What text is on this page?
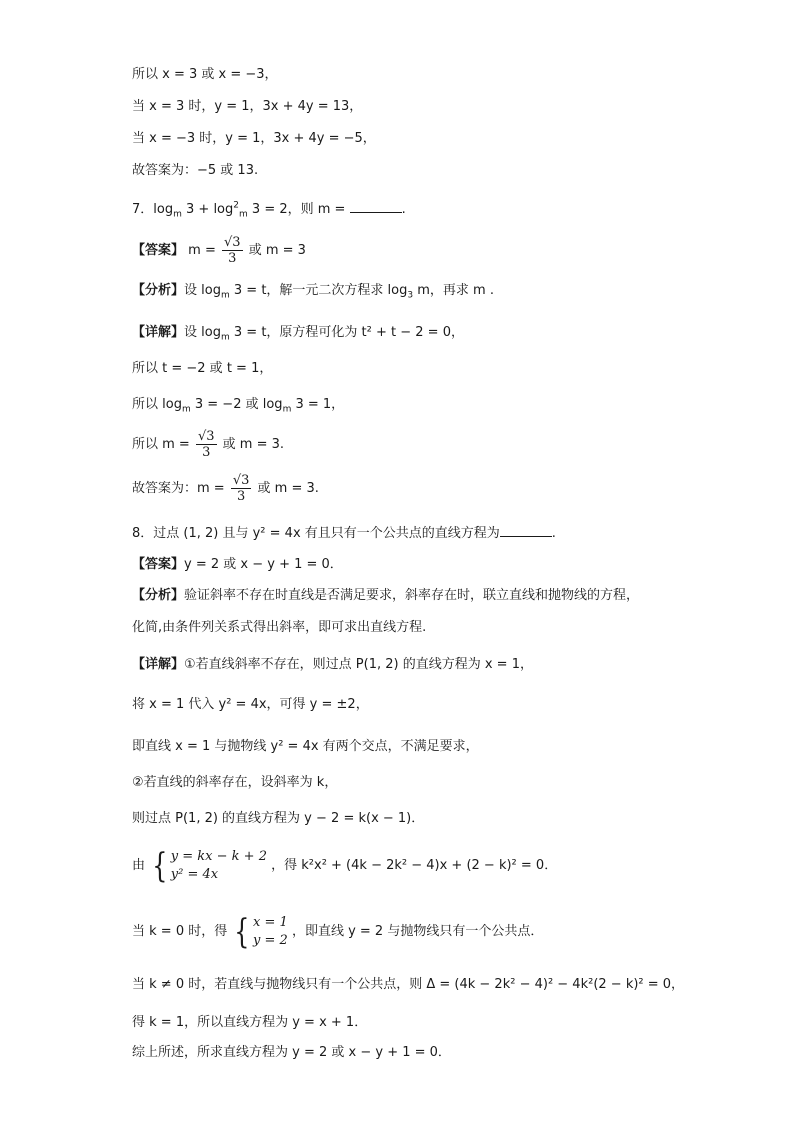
所以 x = 3 或 x = −3，
当 x = 3 时，y = 1，3x + 4y = 13，
当 x = −3 时，y = 1，3x + 4y = −5，
故答案为：−5 或 13.
7．$\log_m 3 + \log^2_m 3 = 2$，则 m =	.
【答案】 $m = \frac{√3}{3}$ 或 m = 3
【分析】设 $\log_m 3 = t$，解一元二次方程求 $\log_3 m$，再求 m .
【详解】设 $\log_m 3 = t$，原方程可化为 t² + t − 2 = 0，
所以 t = −2 或 t = 1，
所以 $\log_m 3 = -2$ 或 $\log_m 3 = 1$，
所以 $m = \frac{√3}{3}$ 或 m = 3.
故答案为：$m = \frac{√3}{3}$ 或 m = 3.
8．过点 (1, 2) 且与 y² = 4x 有且只有一个公共点的直线方程为	.
【答案】y = 2 或 x − y + 1 = 0．
【分析】验证斜率不存在时直线是否满足要求，斜率存在时，联立直线和抛物线的方程，
化简,由条件列关系式得出斜率，即可求出直线方程.
【详解】①若直线斜率不存在，则过点 P(1, 2) 的直线方程为 x = 1，
将 x = 1 代入 y² = 4x，可得 y = ±2，
即直线 x = 1 与抛物线 y² = 4x 有两个交点，不满足要求，
②若直线的斜率存在，设斜率为 k，
则过点 P(1, 2) 的直线方程为 y − 2 = k(x − 1)．
由 { y = kx − k + 2
y² = 4x
，得 k²x² + (4k − 2k² − 4)x + (2 − k)² = 0．
当 k = 0 时，得 { x = 1
y = 2
，即直线 y = 2 与抛物线只有一个公共点．
当 k ≠ 0 时，若直线与抛物线只有一个公共点，则 Δ = (4k − 2k² − 4)² − 4k²(2 − k)² = 0，
得 k = 1，所以直线方程为 y = x + 1．
综上所述，所求直线方程为 y = 2 或 x − y + 1 = 0．
